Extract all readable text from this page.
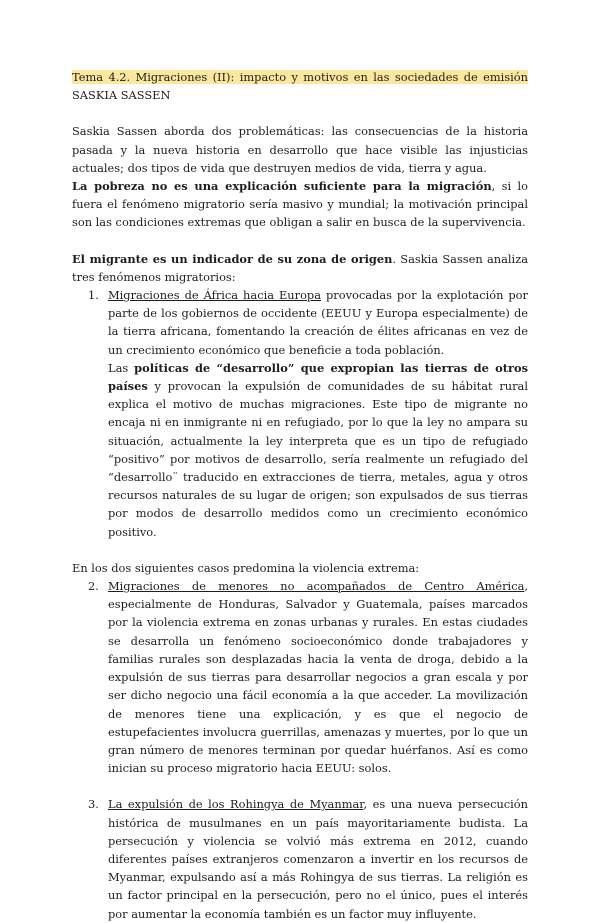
Tema 4.2. Migraciones (II): impacto y motivos en las sociedades de emisión SASKIA SASSEN

Saskia Sassen aborda dos problemáticas: las consecuencias de la historia pasada y la nueva historia en desarrollo que hace visible las injusticias actuales; dos tipos de vida que destruyen medios de vida, tierra y agua.

La pobreza no es una explicación suficiente para la migración, si lo fuera el fenómeno migratorio sería masivo y mundial; la motivación principal son las condiciones extremas que obligan a salir en busca de la supervivencia.

El migrante es un indicador de su zona de origen. Saskia Sassen analiza tres fenómenos migratorios:

1. Migraciones de África hacia Europa provocadas por la explotación por parte de los gobiernos de occidente (EEUU y Europa especialmente) de la tierra africana, fomentando la creación de élites africanas en vez de un crecimiento económico que beneficie a toda población.

Las políticas de “desarrollo” que expropian las tierras de otros países y provocan la expulsión de comunidades de su hábitat rural explica el motivo de muchas migraciones. Este tipo de migrante no encaja ni en inmigrante ni en refugiado, por lo que la ley no ampara su situación, actualmente la ley interpreta que es un tipo de refugiado “positivo” por motivos de desarrollo, sería realmente un refugiado del “desarrollo¨ traducido en extracciones de tierra, metales, agua y otros recursos naturales de su lugar de origen; son expulsados de sus tierras por modos de desarrollo medidos como un crecimiento económico positivo.

En los dos siguientes casos predomina la violencia extrema:

2. Migraciones de menores no acompañados de Centro América, especialmente de Honduras, Salvador y Guatemala, países marcados por la violencia extrema en zonas urbanas y rurales. En estas ciudades se desarrolla un fenómeno socioeconómico donde trabajadores y familias rurales son desplazadas hacia la venta de droga, debido a la expulsión de sus tierras para desarrollar negocios a gran escala y por ser dicho negocio una fácil economía a la que acceder. La movilización de menores tiene una explicación, y es que el negocio de estupefacientes involucra guerrillas, amenazas y muertes, por lo que un gran número de menores terminan por quedar huérfanos. Así es como inician su proceso migratorio hacia EEUU: solos.

3. La expulsión de los Rohingya de Myanmar, es una nueva persecución histórica de musulmanes en un país mayoritariamente budista. La persecución y violencia se volvió más extrema en 2012, cuando diferentes países extranjeros comenzaron a invertir en los recursos de Myanmar, expulsando así a más Rohingya de sus tierras. La religión es un factor principal en la persecución, pero no el único, pues el interés por aumentar la economía también es un factor muy influyente.
